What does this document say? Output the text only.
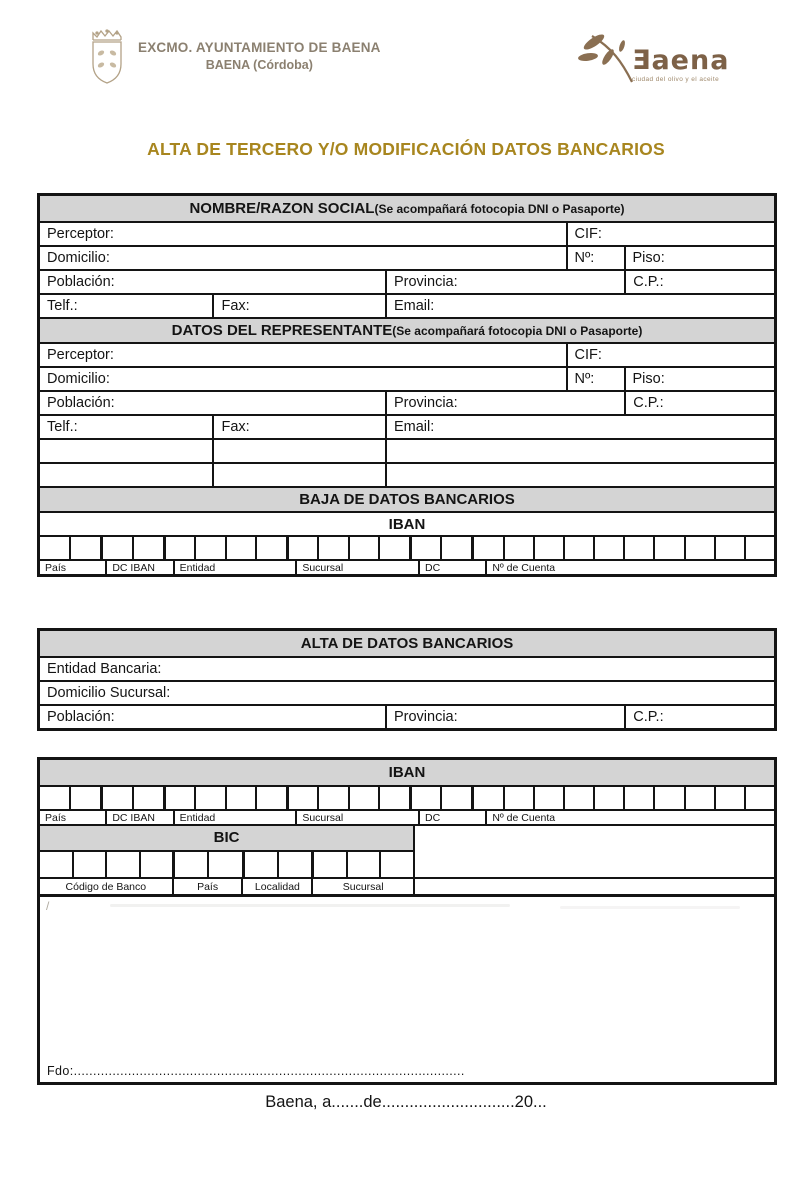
EXCMO. AYUNTAMIENTO DE BAENA
BAENA (Córdoba)	Ǝaena
ciudad del olivo y el aceite
ALTA DE TERCERO Y/O MODIFICACIÓN DATOS BANCARIOS
NOMBRE/RAZON SOCIAL (Se acompañará fotocopia DNI o Pasaporte)
Perceptor:	CIF:
Domicilio:	Nº:	Piso:
Población:	Provincia:	C.P.:
Telf.:	Fax:	Email:
DATOS DEL REPRESENTANTE (Se acompañará fotocopia DNI o Pasaporte)
Perceptor:	CIF:
Domicilio:	Nº:	Piso:
Población:	Provincia:	C.P.:
Telf.:	Fax:	Email:
BAJA DE DATOS BANCARIOS
IBAN
País	DC IBAN	Entidad	Sucursal	DC	Nº de Cuenta
ALTA DE DATOS BANCARIOS
Entidad Bancaria:
Domicilio Sucursal:
Población:	Provincia:	C.P.:
IBAN
País	DC IBAN	Entidad	Sucursal	DC	Nº de Cuenta
BIC
Código de Banco	País	Localidad	Sucursal
/
Fdo:.....................................................................................................
Baena, a.......de.............................20...
